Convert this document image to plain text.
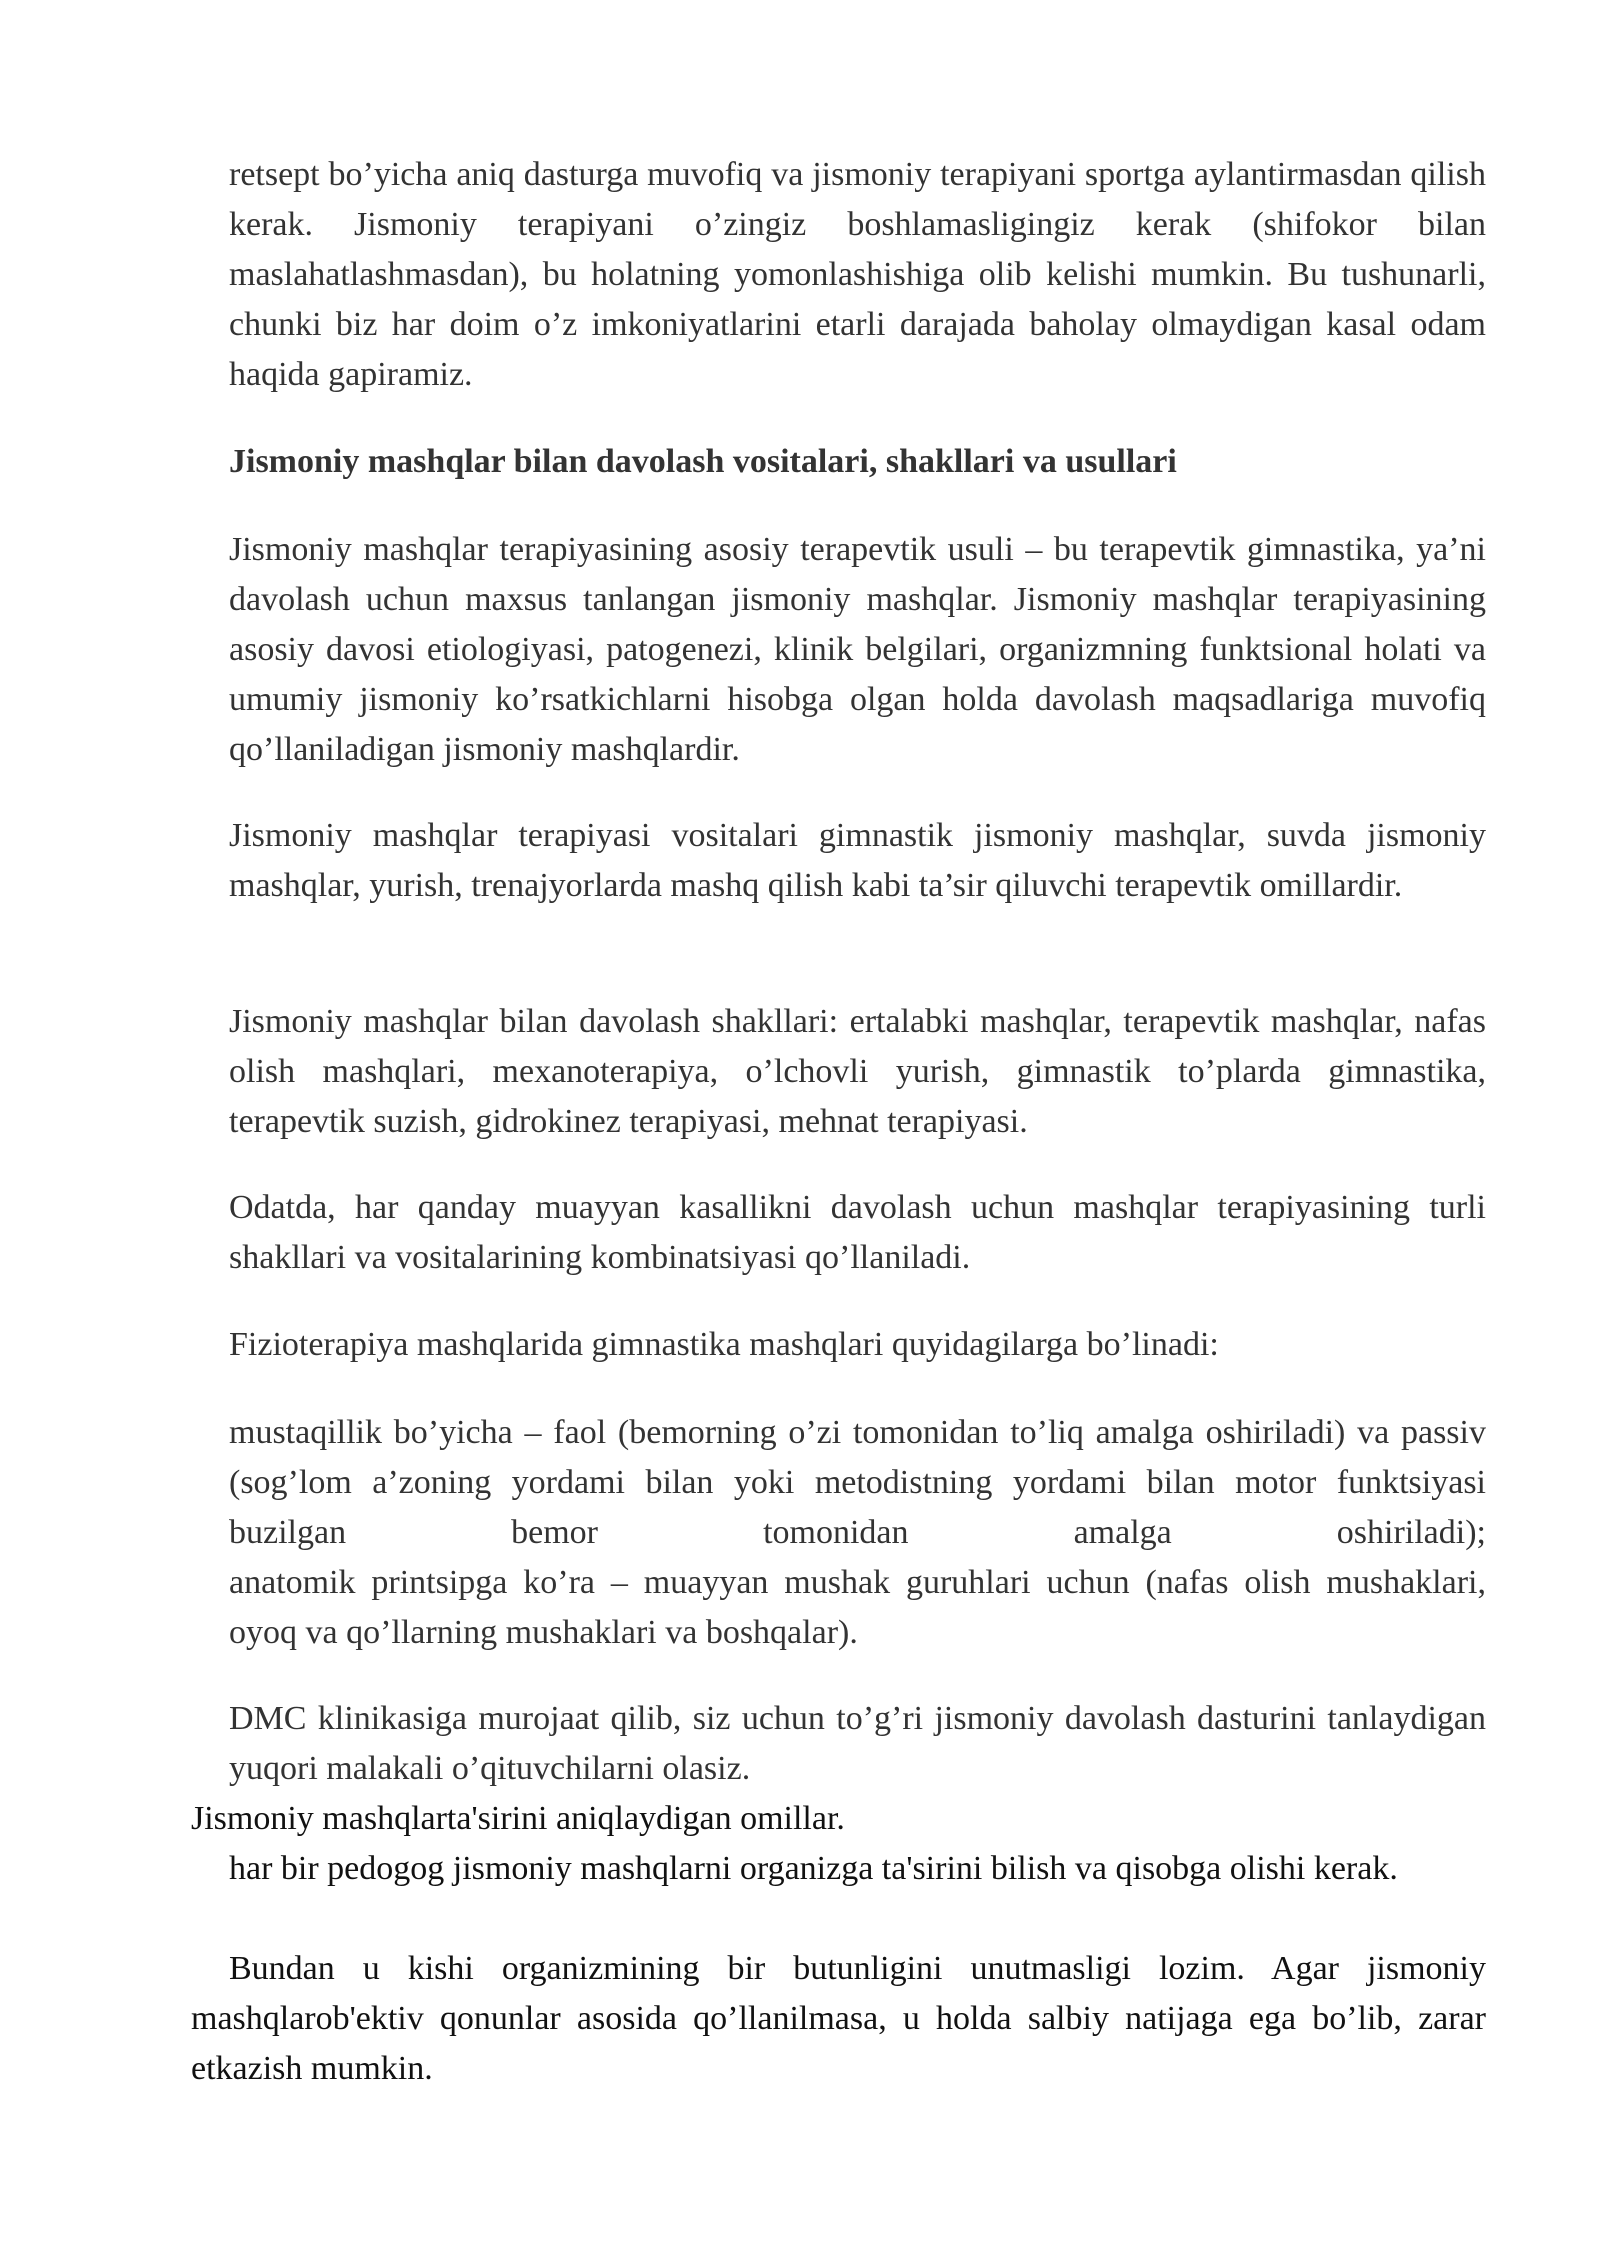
retsept bo’yicha aniq dasturga muvofiq va jismoniy terapiyani sportga aylantirmasdan qilish kerak. Jismoniy terapiyani o’zingiz boshlamasligingiz kerak (shifokor bilan maslahatlashmasdan), bu holatning yomonlashishiga olib kelishi mumkin. Bu tushunarli, chunki biz har doim o’z imkoniyatlarini etarli darajada baholay olmaydigan kasal odam haqida gapiramiz.

Jismoniy mashqlar bilan davolash vositalari, shakllari va usullari

Jismoniy mashqlar terapiyasining asosiy terapevtik usuli – bu terapevtik gimnastika, ya’ni davolash uchun maxsus tanlangan jismoniy mashqlar. Jismoniy mashqlar terapiyasining asosiy davosi etiologiyasi, patogenezi, klinik belgilari, organizmning funktsional holati va umumiy jismoniy ko’rsatkichlarni hisobga olgan holda davolash maqsadlariga muvofiq qo’llaniladigan jismoniy mashqlardir.

Jismoniy mashqlar terapiyasi vositalari gimnastik jismoniy mashqlar, suvda jismoniy mashqlar, yurish, trenajyorlarda mashq qilish kabi ta’sir qiluvchi terapevtik omillardir.

Jismoniy mashqlar bilan davolash shakllari: ertalabki mashqlar, terapevtik mashqlar, nafas olish mashqlari, mexanoterapiya, o’lchovli yurish, gimnastik to’plarda gimnastika, terapevtik suzish, gidrokinez terapiyasi, mehnat terapiyasi.

Odatda, har qanday muayyan kasallikni davolash uchun mashqlar terapiyasining turli shakllari va vositalarining kombinatsiyasi qo’llaniladi.

Fizioterapiya mashqlarida gimnastika mashqlari quyidagilarga bo’linadi:

mustaqillik bo’yicha – faol (bemorning o’zi tomonidan to’liq amalga oshiriladi) va passiv (sog’lom a’zoning yordami bilan yoki metodistning yordami bilan motor funktsiyasi buzilgan bemor tomonidan amalga oshiriladi);

anatomik printsipga ko’ra – muayyan mushak guruhlari uchun (nafas olish mushaklari, oyoq va qo’llarning mushaklari va boshqalar).

DMC klinikasiga murojaat qilib, siz uchun to’g’ri jismoniy davolash dasturini tanlaydigan yuqori malakali o’qituvchilarni olasiz.

Jismoniy mashqlarta'sirini aniqlaydigan omillar.

har bir pedogog jismoniy mashqlarni organizga ta'sirini bilish va qisobga olishi kerak.

Bundan u kishi organizmining bir butunligini unutmasligi lozim. Agar jismoniy mashqlarob'ektiv qonunlar asosida qo’llanilmasa, u holda salbiy natijaga ega bo’lib, zarar etkazish mumkin.
